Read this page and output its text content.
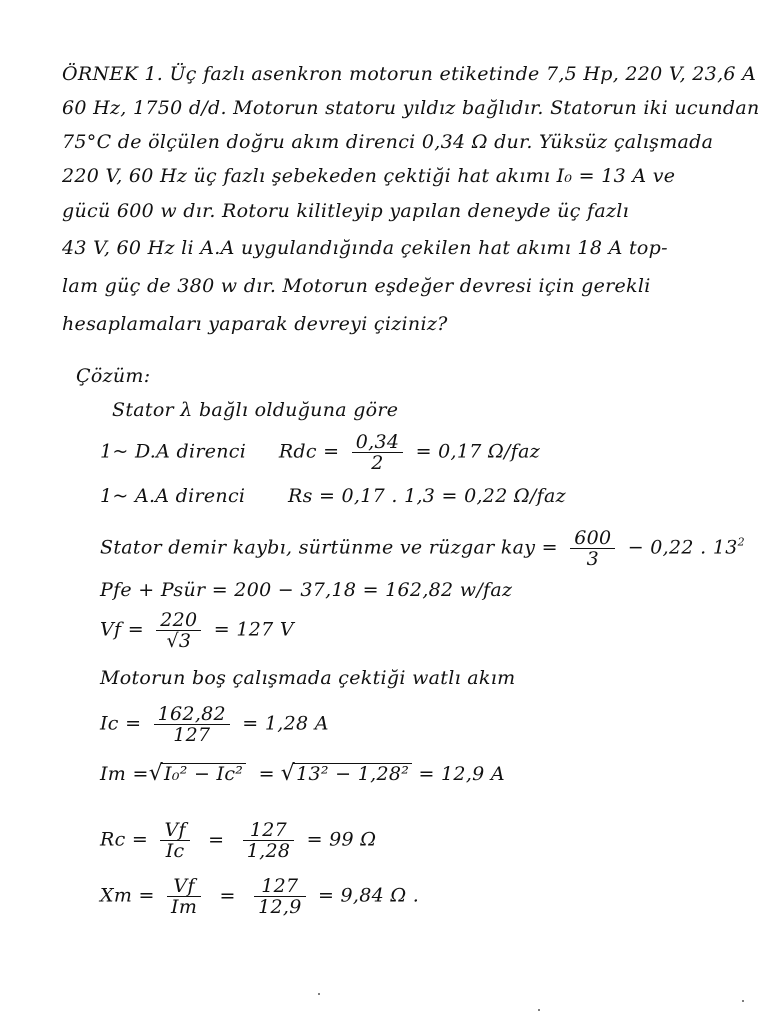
ÖRNEK 1. Üç fazlı asenkron motorun etiketinde 7,5 Hp, 220 V, 23,6 A
60 Hz, 1750 d/d. Motorun statoru yıldız bağlıdır. Statorun iki ucundan
75°C de ölçülen doğru akım direnci 0,34 Ω dur. Yüksüz çalışmada
220 V, 60 Hz üç fazlı şebekeden çektiği hat akımı I₀ = 13 A ve
gücü 600 w dır. Rotoru kilitleyip yapılan deneyde üç fazlı
43 V, 60 Hz li A.A uygulandığında çekilen hat akımı 18 A top-
lam güç de 380 w dır. Motorun eşdeğer devresi için gerekli
hesaplamaları yaparak devreyi çiziniz?
Çözüm:
Stator λ bağlı olduğuna göre
1~ D.A direnci Rdc = $\frac{0,34}{2} = 0,17$ Ω/faz
1~ A.A direnci Rs = 0,17 . 1,3 = 0,22 Ω/faz
Stator demir kaybı, sürtünme ve rüzgar kay = $\frac{600}{3} - 0,22$ . $13^2$
Pfe + Psür = 200 − 37,18 = 162,82 w/faz
$Vf = \frac{220}{√3} = 127$ V
Motorun boş çalışmada çektiği watlı akım
$Ic = \frac{162,82}{127} = 1,28$ A
Im =√I₀² − Ic² = √13² − 1,28² = 12,9 A
$Rc = \frac{Vf}{Ic} = \frac{127}{1,28} = 99$ Ω
$Xm = \frac{Vf}{Im} = \frac{127}{12,9} = 9,84$ Ω .
